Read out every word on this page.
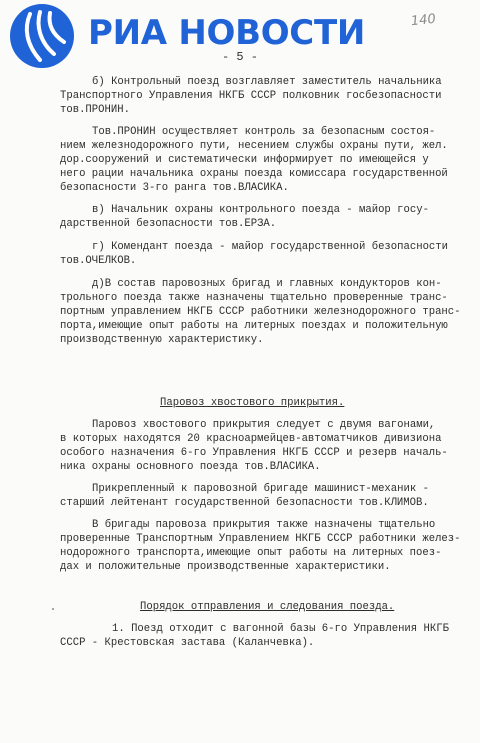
РИА НОВОСТИ	140
- 5 -
б) Контрольный поезд возглавляет заместитель начальника
Транспортного Управления НКГБ СССР полковник госбезопасности
тов.ПРОНИН.
Тов.ПРОНИН осуществляет контроль за безопасным состоя-
нием железнодорожного пути, несением службы охраны пути, жел.
дор.сооружений и систематически информирует по имеющейся у
него рации начальника охраны поезда комиссара государственной
безопасности 3-го ранга тов.ВЛАСИКА.
в) Начальник охраны контрольного поезда - майор госу-
дарственной безопасности тов.ЕРЗА.
г) Комендант поезда - майор государственной безопасности
тов.ОЧЕЛКОВ.
д)В состав паровозных бригад и главных кондукторов кон-
трольного поезда также назначены тщательно проверенные транс-
портным управлением НКГБ СССР работники железнодорожного транс-
порта,имеющие опыт работы на литерных поездах и положительную
производственную характеристику.
Паровоз хвостового прикрытия.
Паровоз хвостового прикрытия следует с двумя вагонами,
в которых находятся 20 красноармейцев-автоматчиков дивизиона
особого назначения 6-го Управления НКГБ СССР и резерв началь-
ника охраны основного поезда тов.ВЛАСИКА.
Прикрепленный к паровозной бригаде машинист-механик -
старший лейтенант государственной безопасности тов.КЛИМОВ.
В бригады паровоза прикрытия также назначены тщательно
проверенные Транспортным Управлением НКГБ СССР работники желез-
нодорожного транспорта,имеющие опыт работы на литерных поез-
дах и положительные производственные характеристики.
Порядок отправления и следования поезда.
1. Поезд отходит с вагонной базы 6-го Управления НКГБ
СССР - Крестовская застава (Каланчевка).
